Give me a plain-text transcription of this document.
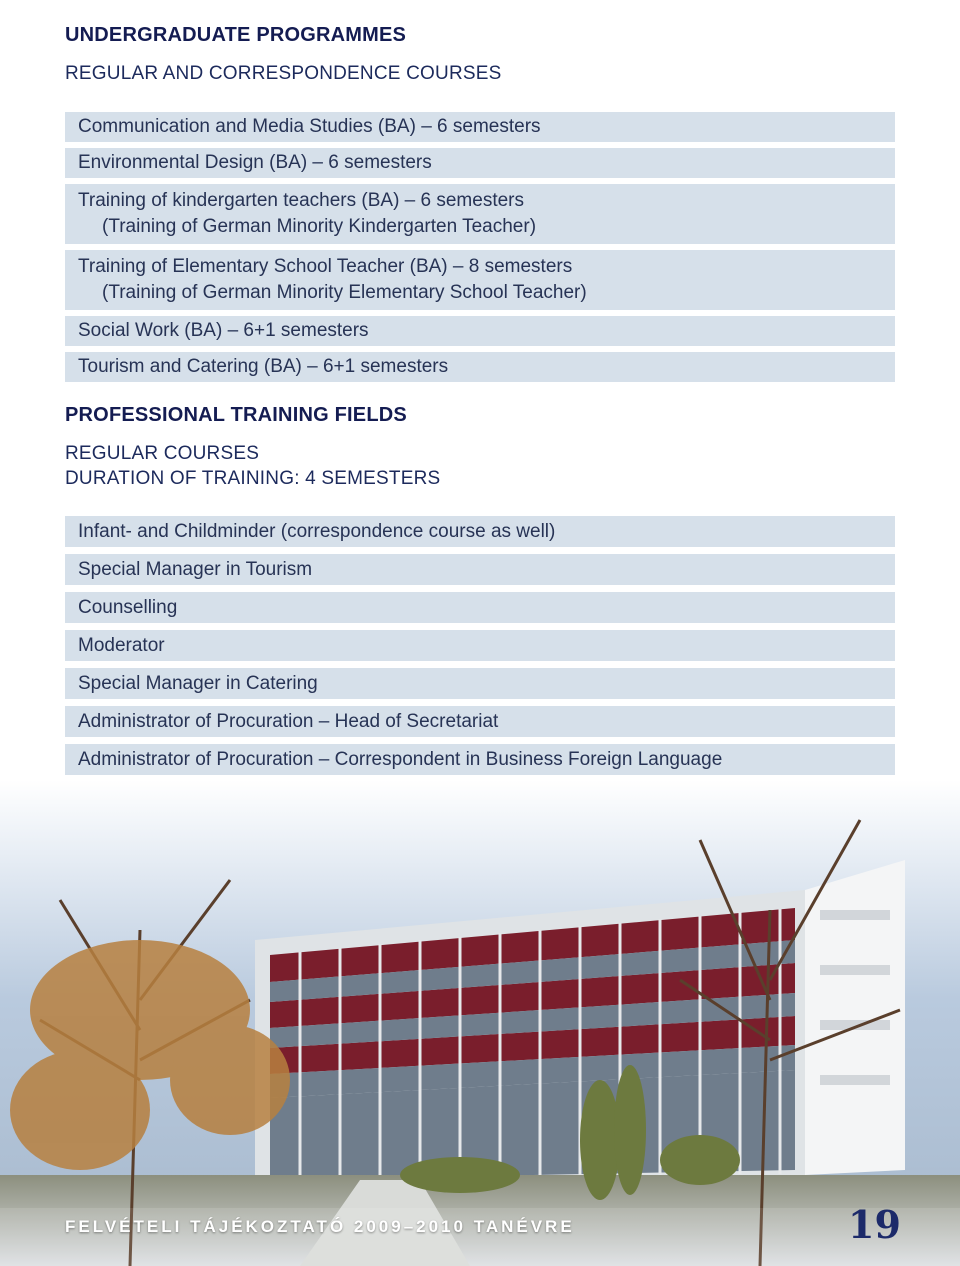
UNDERGRADUATE PROGRAMMES
REGULAR AND CORRESPONDENCE COURSES
Communication and Media Studies (BA) – 6 semesters
Environmental Design (BA) – 6 semesters
Training of kindergarten teachers (BA) – 6 semesters
(Training of German Minority Kindergarten Teacher)
Training of Elementary School Teacher (BA) – 8 semesters
(Training of German Minority Elementary School Teacher)
Social Work (BA) – 6+1 semesters
Tourism and Catering (BA) – 6+1 semesters
PROFESSIONAL TRAINING FIELDS
REGULAR COURSES
DURATION OF TRAINING: 4 SEMESTERS
Infant- and Childminder (correspondence course as well)
Special Manager in Tourism
Counselling
Moderator
Special Manager in Catering
Administrator of Procuration – Head of Secretariat
Administrator of Procuration – Correspondent in Business Foreign Language
FELVÉTELI TÁJÉKOZTATÓ 2009–2010 TANÉVRE	19
